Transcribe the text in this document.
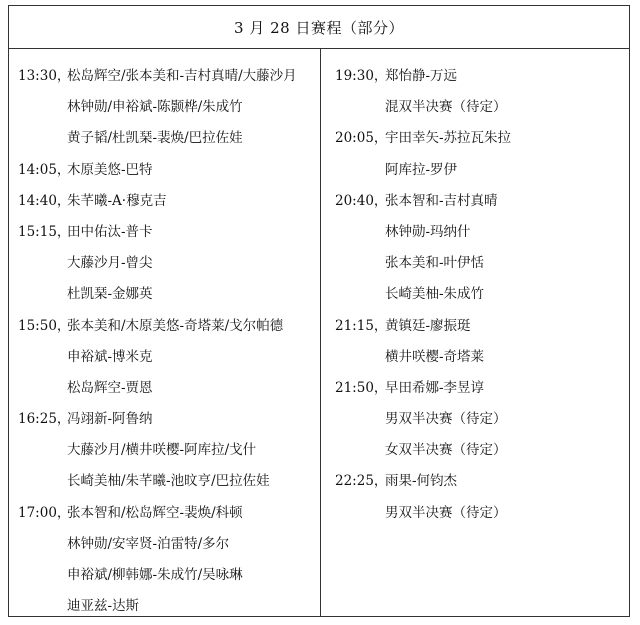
3 月 28 日赛程（部分）
13:30，
松岛辉空/张本美和-吉村真晴/大藤沙月
林钟勋/申裕斌-陈颢桦/朱成竹
黄子韬/杜凯琹-裴焕/巴拉佐娃
14:05，
木原美悠-巴特
14:40，
朱芊曦-A·穆克吉
15:15，
田中佑汰-普卡
大藤沙月-曾尖
杜凯琹-金娜英
15:50，
张本美和/木原美悠-奇塔莱/戈尔帕德
申裕斌-博米克
松岛辉空-贾恩
16:25，
冯翊新-阿鲁纳
大藤沙月/横井咲樱-阿库拉/戈什
长崎美柚/朱芊曦-池旼亨/巴拉佐娃
17:00，
张本智和/松岛辉空-裴焕/科顿
林钟勋/安宰贤-泊雷特/多尔
申裕斌/柳韩娜-朱成竹/吴咏琳
迪亚兹-达斯
19:30，
郑怡静-万远
混双半决赛（待定）
20:05，
宇田幸矢-苏拉瓦朱拉
阿库拉-罗伊
20:40，
张本智和-吉村真晴
林钟勋-玛纳什
张本美和-叶伊恬
长崎美柚-朱成竹
21:15，
黄镇廷-廖振珽
横井咲樱-奇塔莱
21:50，
早田希娜-李昱谆
男双半决赛（待定）
女双半决赛（待定）
22:25，
雨果-何钧杰
男双半决赛（待定）
